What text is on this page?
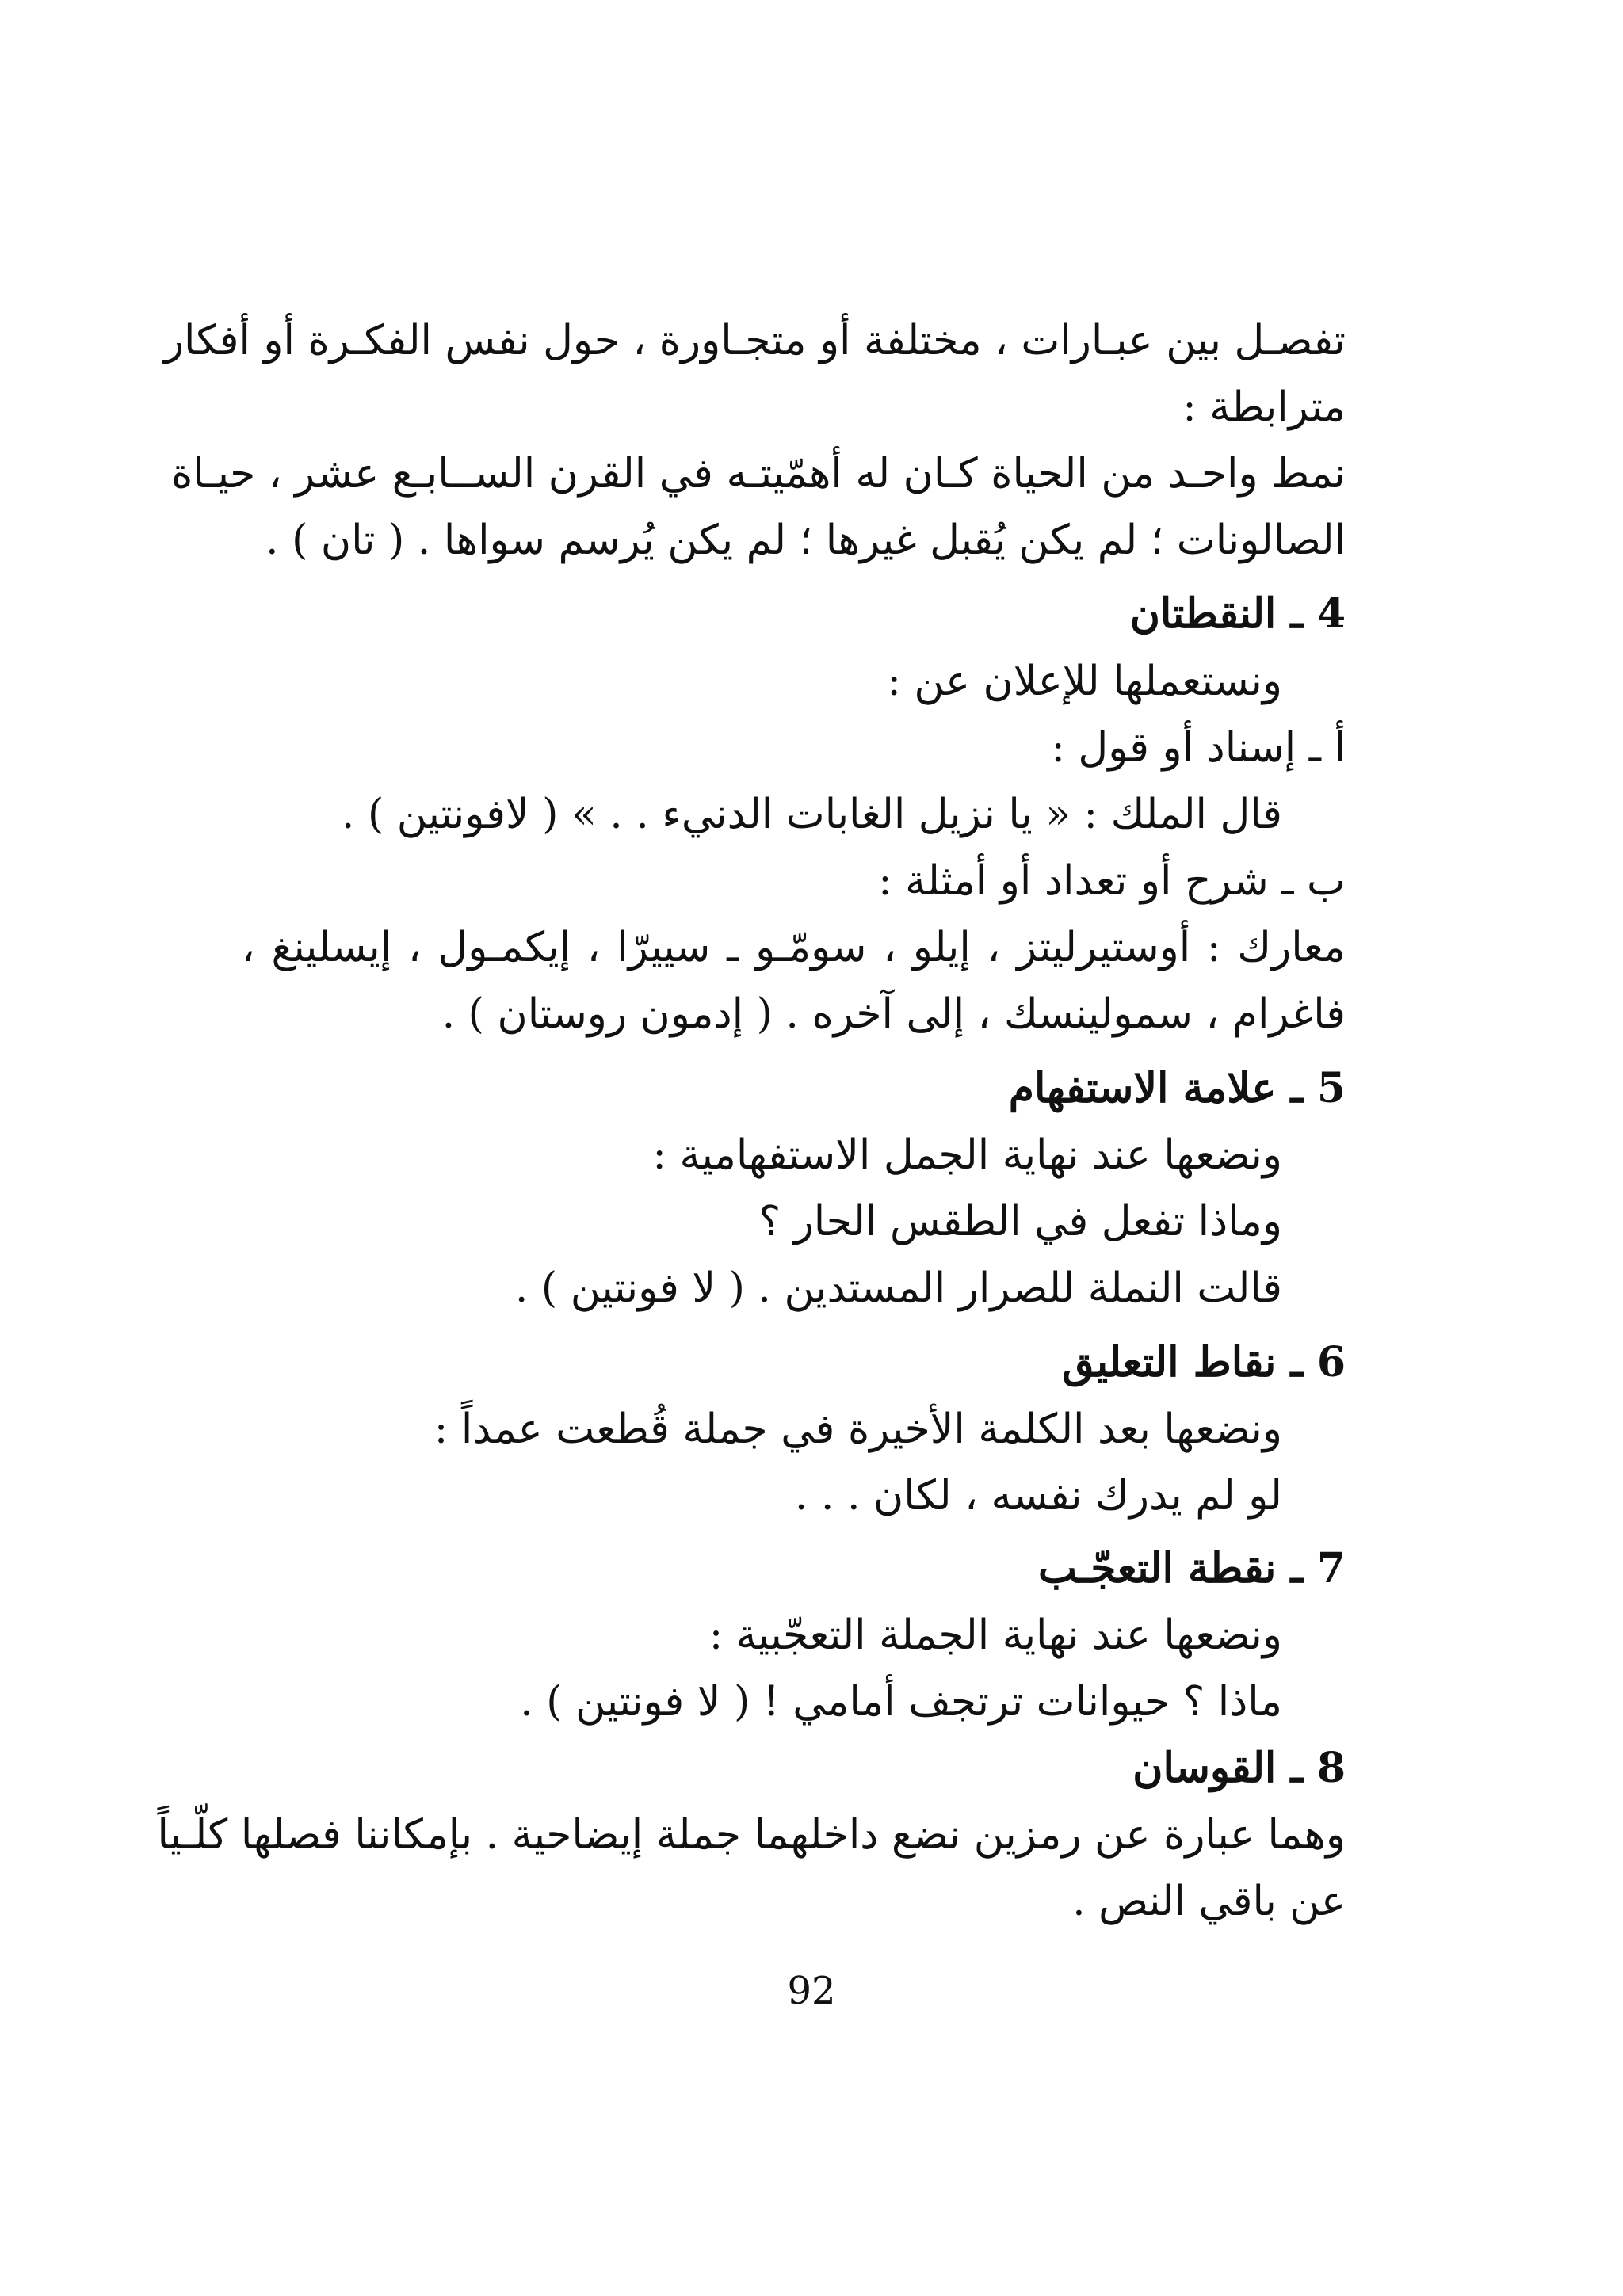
تفصـل بين عبـارات ، مختلفة أو متجـاورة ، حول نفس الفكـرة أو أفكار
مترابطة :
نمط واحـد من الحياة كـان له أهمّيتـه في القرن الســابـع عشر ، حيـاة
الصالونات ؛ لم يكن يُقبل غيرها ؛ لم يكن يُرسم سواها . ( تان ) .
4 ـ النقطتان
ونستعملها للإعلان عن :
أ ـ إسناد أو قول :
قال الملك : « يا نزيل الغابات الدنيء . . » ( لافونتين ) .
ب ـ شرح أو تعداد أو أمثلة :
معارك : أوستيرليتز ، إيلو ، سومّـو ـ سييرّا ، إيكمـول ، إيسلينغ ،
فاغرام ، سمولينسك ، إلى آخره . ( إدمون روستان ) .
5 ـ علامة الاستفهام
ونضعها عند نهاية الجمل الاستفهامية :
وماذا تفعل في الطقس الحار ؟
قالت النملة للصرار المستدين . ( لا فونتين ) .
6 ـ نقاط التعليق
ونضعها بعد الكلمة الأخيرة في جملة قُطعت عمداً :
لو لم يدرك نفسه ، لكان . . .
7 ـ نقطة التعجّـب
ونضعها عند نهاية الجملة التعجّبية :
ماذا ؟ حيوانات ترتجف أمامي ! ( لا فونتين ) .
8 ـ القوسان
وهما عبارة عن رمزين نضع داخلهما جملة إيضاحية . بإمكاننا فصلها كلّـياً
عن باقي النص .
92
